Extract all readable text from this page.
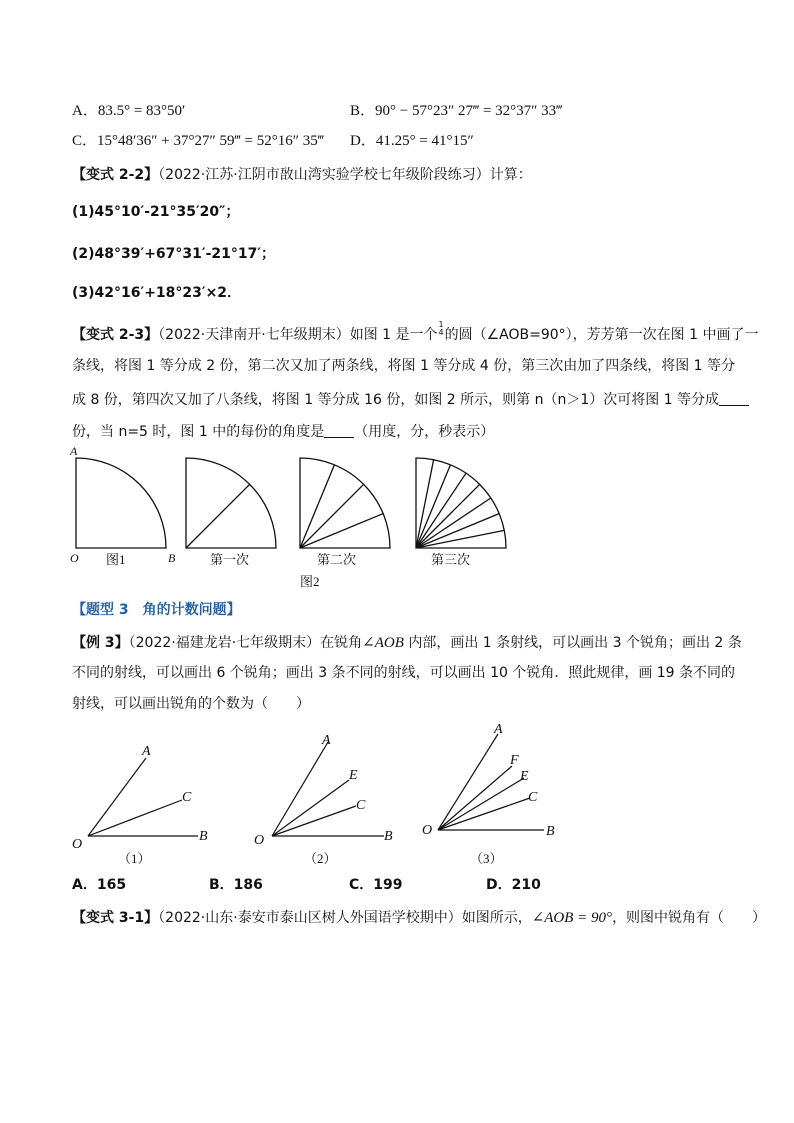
A．83.5° = 83°50′	B．90° − 57°23″ 27‴ = 32°37″ 33‴
C．15°48′36″ + 37°27″ 59‴ = 52°16″ 35‴ D．41.25° = 41°15″
【变式 2-2】（2022·江苏·江阴市敔山湾实验学校七年级阶段练习）计算：
(1)45°10′-21°35′20″；
(2)48°39′+67°31′-21°17′；
(3)42°16′+18°23′×2．
【变式 2-3】（2022·天津南开·七年级期末）如图 1 是一个
1
4 的圆（∠AOB=90°），芳芳第一次在图 1 中画了一
条线，将图 1 等分成 2 份，第二次又加了两条线，将图 1 等分成 4 份，第三次由加了四条线，将图 1 等分
成 8 份，第四次又加了八条线，将图 1 等分成 16 份，如图 2 所示，则第 n（n＞1）次可将图 1 等分成
份，当 n=5 时，图 1 中的每份的角度是 （用度，分，秒表示）
A
O	B
图1	第一次	第二次	第三次
图2
【题型 3　角的计数问题】
【例 3】（2022·福建龙岩·七年级期末）在锐角∠AOB 内部，画出 1 条射线，可以画出 3 个锐角；画出 2 条
不同的射线，可以画出 6 个锐角；画出 3 条不同的射线，可以画出 10 个锐角．照此规律，画 19 条不同的
射线，可以画出锐角的个数为（　　）
O
A
C
B	O
A
E
C
B O
A
F
E
C
B
（1）	（2）	（3）
A．165	B．186	C．199	D．210
【变式 3-1】（2022·山东·泰安市泰山区树人外国语学校期中）如图所示，∠AOB = 90°，则图中锐角有（　　）
